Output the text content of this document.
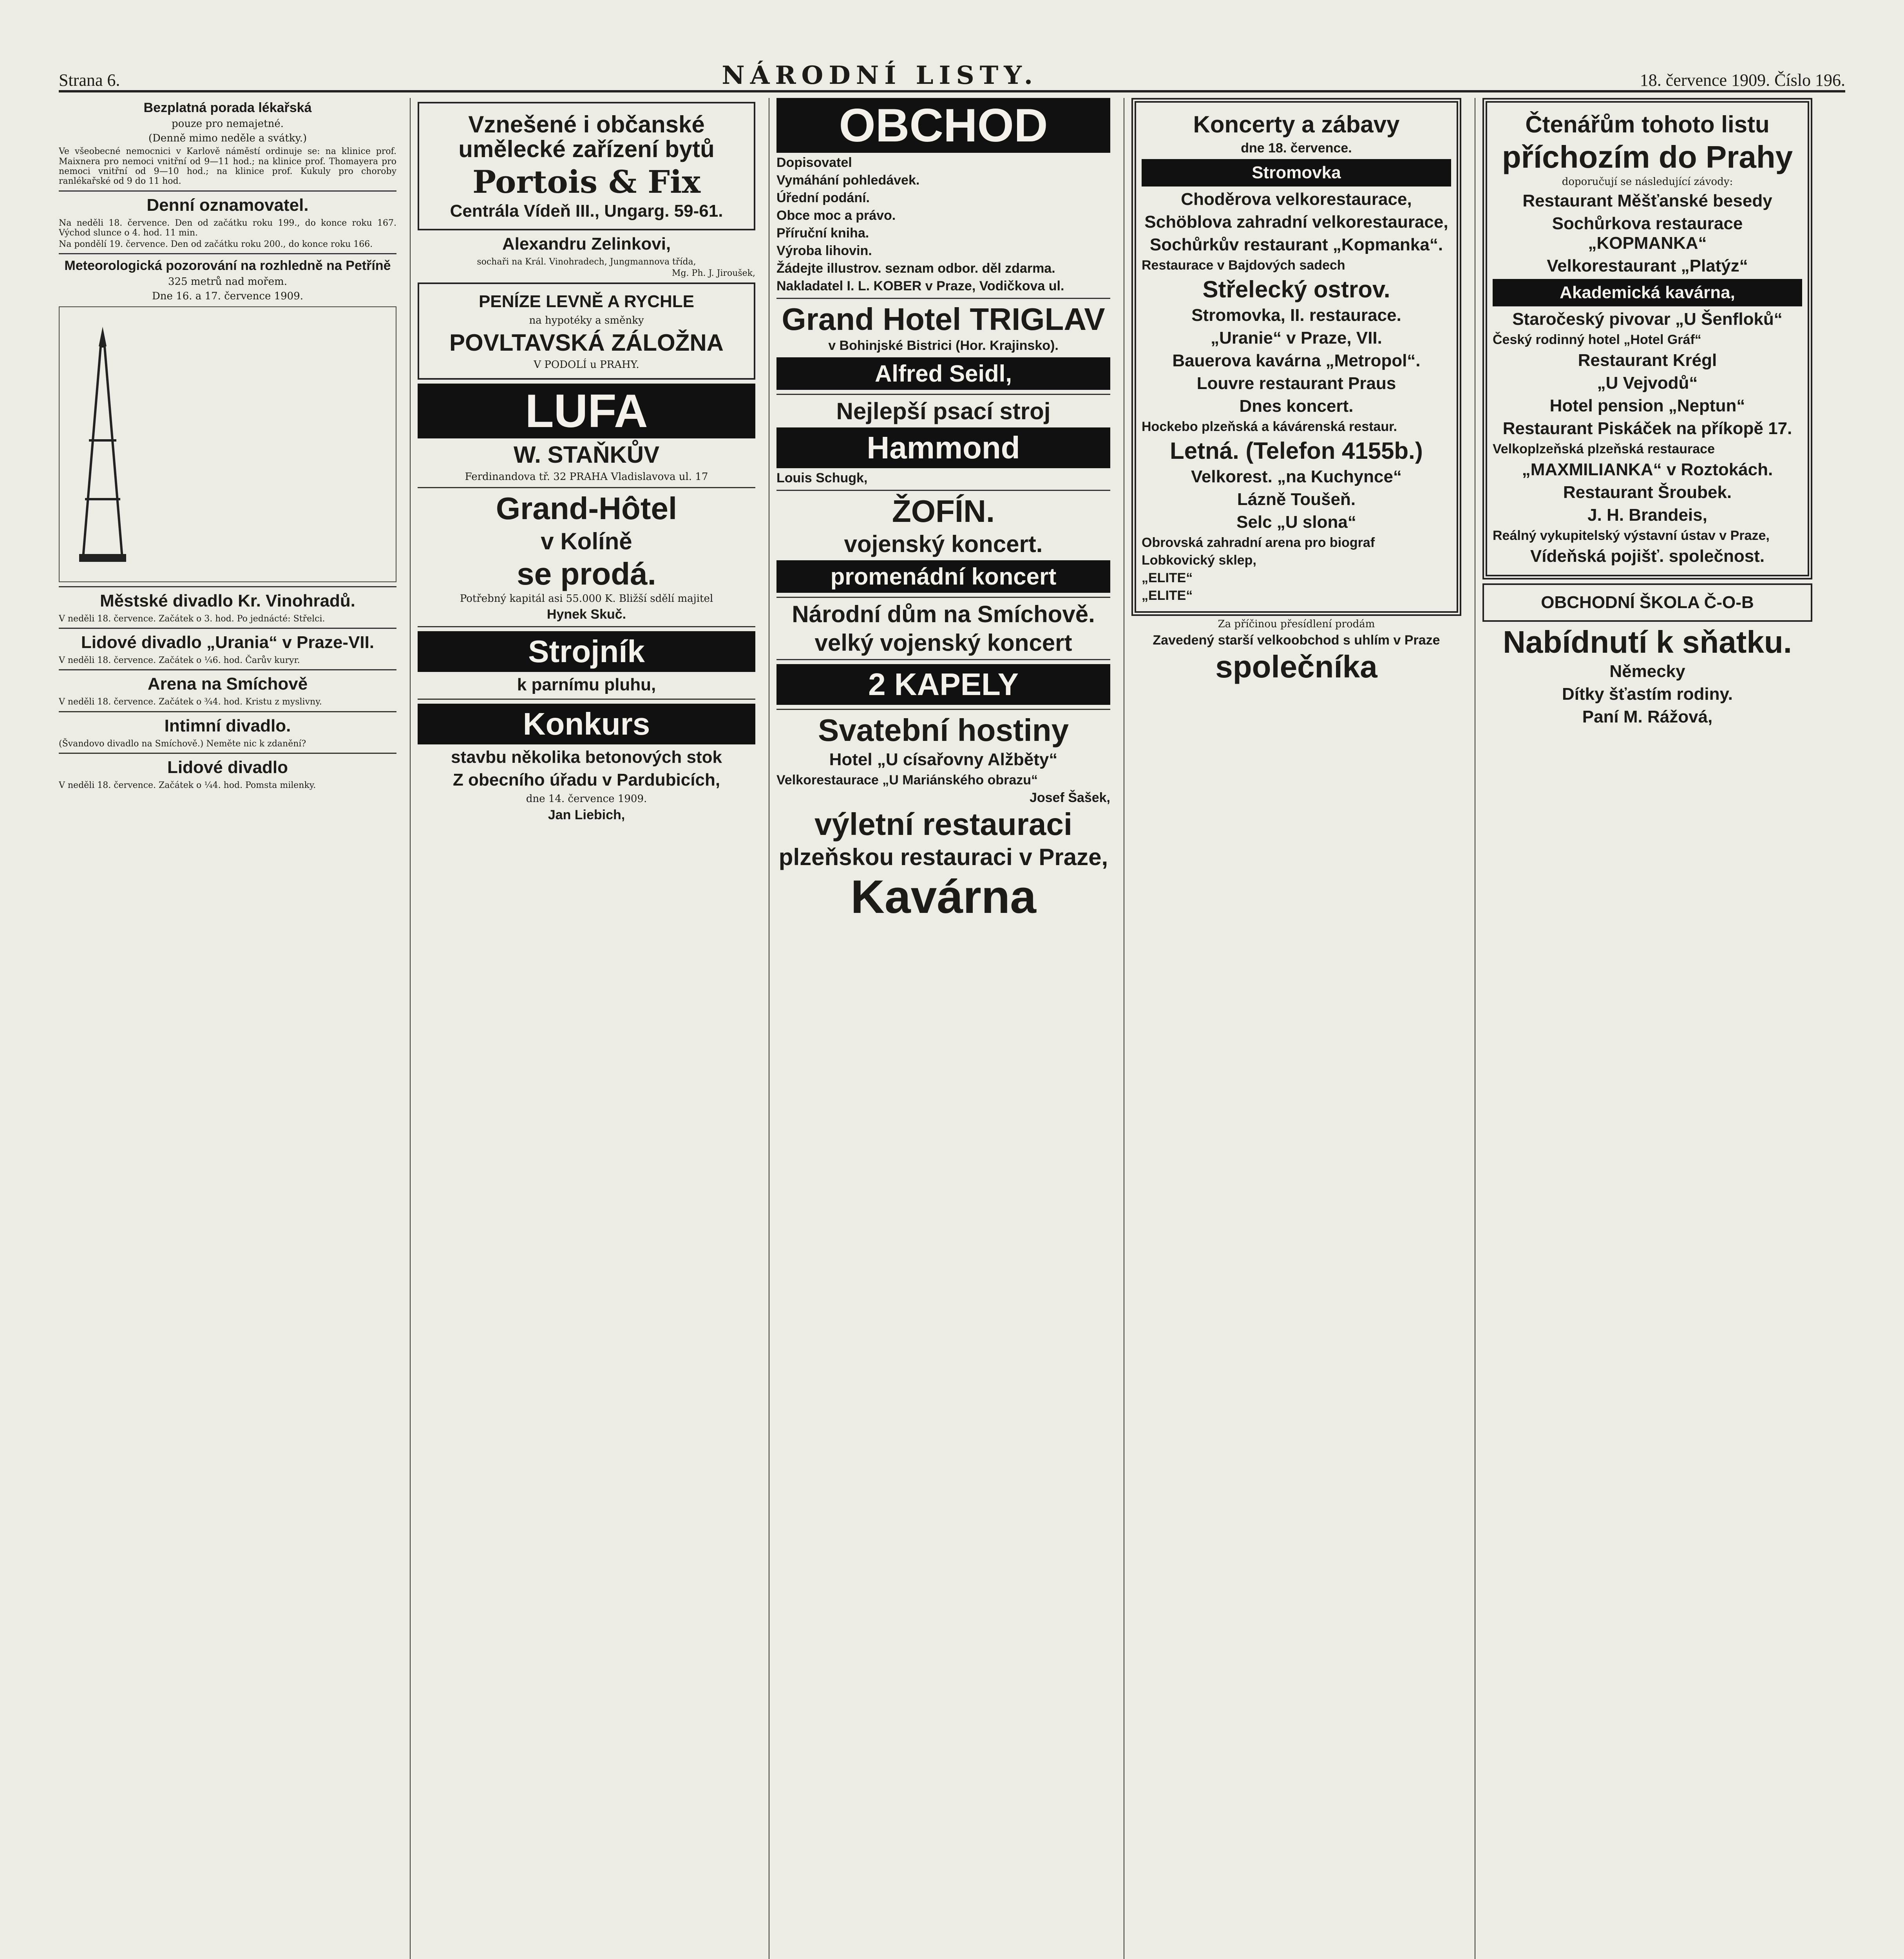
Strana 6.	NÁRODNÍ LISTY.	18. července 1909. Číslo 196.
Bezplatná porada lékařská
pouze pro nemajetné.
(Denně mimo neděle a svátky.)
Ve všeobecné nemocnici v Karlově náměstí ordinuje se: na klinice prof. Maixnera pro nemoci vnitřní od 9—11 hod.; na klinice prof. Thomayera pro nemoci vnitřní od 9—10 hod.; na klinice prof. Kukuly pro choroby ranlékařské od 9 do 11 hod.
Denní oznamovatel.
Na neděli 18. července. Den od začátku roku 199., do konce roku 167. Východ slunce o 4. hod. 11 min.
Na pondělí 19. července. Den od začátku roku 200., do konce roku 166.
Meteorologická pozorování na rozhledně na Petříně
325 metrů nad mořem.
Dne 16. a 17. července 1909.
Městské divadlo Kr. Vinohradů.
V neděli 18. července. Začátek o 3. hod. Po jednácté: Střelci.
Lidové divadlo „Urania“ v Praze-VII.
V neděli 18. července. Začátek o ¼6. hod. Čarův kuryr.
Arena na Smíchově
V neděli 18. července. Začátek o ¾4. hod. Kristu z myslivny.
Intimní divadlo.
(Švandovo divadlo na Smíchově.) Neměte nic k zdanění?
Lidové divadlo
V neděli 18. července. Začátek o ¼4. hod. Pomsta milenky.
Vznešené i občanské umělecké zařízení bytů
Portois & Fix
Centrála Vídeň III., Ungarg. 59-61.
Alexandru Zelinkovi,
sochaři na Král. Vinohradech, Jungmannova třída,
Mg. Ph. J. Jiroušek,
PENÍZE LEVNĚ A RYCHLE
na hypotéky a směnky
POVLTAVSKÁ ZÁLOŽNA
V PODOLÍ u PRAHY.
LUFA
W. STAŇKŮV
Ferdinandova tř. 32 PRAHA Vladislavova ul. 17
Grand-Hôtel
v Kolíně
se prodá.
Potřebný kapitál asi 55.000 K. Bližší sdělí majitel
Hynek Skuč.
Strojník
k parnímu pluhu,
Konkurs
stavbu několika betonových stok
Z obecního úřadu v Pardubicích,
dne 14. července 1909.
Jan Liebich,
OBCHOD
Dopisovatel
Vymáhání pohledávek.
Úřední podání.
Obce moc a právo.
Příruční kniha.
Výroba lihovin.
Žádejte illustrov. seznam odbor. děl zdarma.
Nakladatel I. L. KOBER v Praze, Vodičkova ul.
Grand Hotel TRIGLAV
v Bohinjské Bistrici (Hor. Krajinsko).
Alfred Seidl,
Nejlepší psací stroj
Hammond
Louis Schugk,
ŽOFÍN.
vojenský koncert.
promenádní koncert
Národní dům na Smíchově.
velký vojenský koncert
2 KAPELY
Svatební hostiny
Hotel „U císařovny Alžběty“
Velkorestaurace „U Mariánského obrazu“
Josef Šašek,
výletní restauraci
plzeňskou restauraci v Praze,
Kavárna
Koncerty a zábavy
dne 18. července.
Stromovka
Choděrova velkorestaurace,
Schöblova zahradní velkorestaurace,
Sochůrkův restaurant „Kopmanka“.
Restaurace v Bajdových sadech
Střelecký ostrov.
Stromovka, II. restaurace.
„Uranie“ v Praze, VII.
Bauerova kavárna „Metropol“.
Louvre restaurant Praus
Dnes koncert.
Hockebo plzeňská a kávárenská restaur.
Letná. (Telefon 4155b.)
Velkorest. „na Kuchynce“
Lázně Toušeň.
Selc „U slona“
Obrovská zahradní arena pro biograf
Lobkovický sklep,
„ELITE“
„ELITE“
Za příčinou přesídlení prodám
Zavedený starší velkoobchod s uhlím v Praze
společníka
Čtenářům tohoto listu
příchozím do Prahy
doporučují se následující závody:
Restaurant Měšťanské besedy
Sochůrkova restaurace „KOPMANKA“
Velkorestaurant „Platýz“
Akademická kavárna,
Staročeský pivovar „U Šenfloků“
Český rodinný hotel „Hotel Gráf“
Restaurant Krégl
„U Vejvodů“
Hotel pension „Neptun“
Restaurant Piskáček na příkopě 17.
Velkoplzeňská plzeňská restaurace
„MAXMILIANKA“ v Roztokách.
Restaurant Šroubek.
J. H. Brandeis,
Reálný vykupitelský výstavní ústav v Praze,
Vídeňská pojišť. společnost.
OBCHODNÍ ŠKOLA Č-O-B
Nabídnutí k sňatku.
Německy
Dítky šťastím rodiny.
Paní M. Rážová,
